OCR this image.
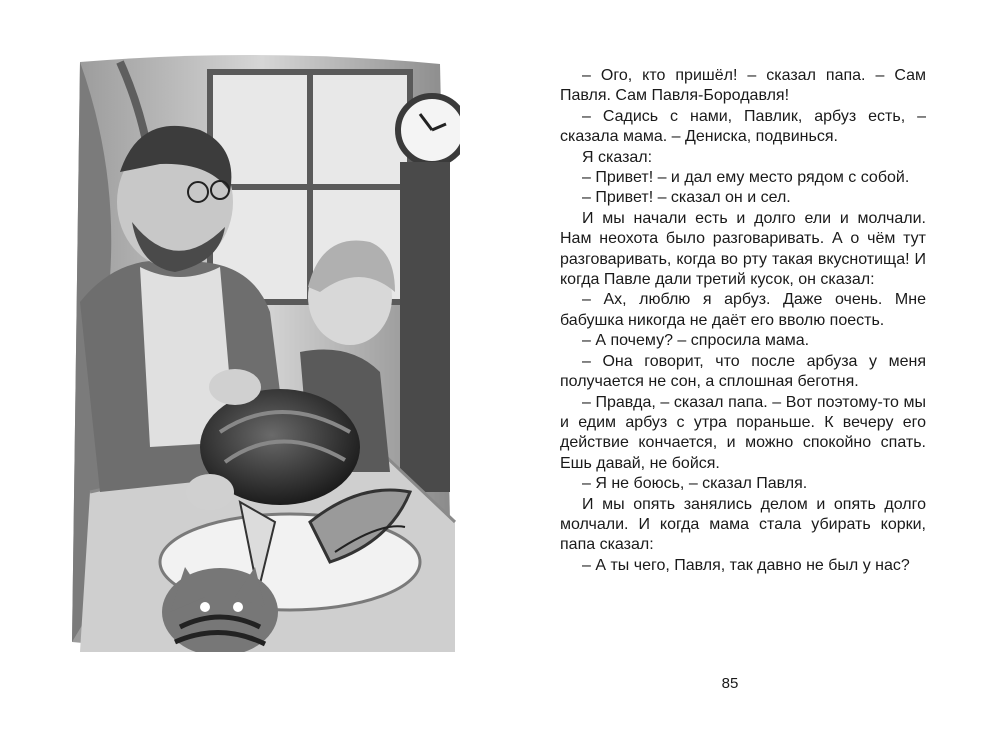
– Ого, кто пришёл! – сказал папа. – Сам Павля. Сам Павля-Бородавля!

– Садись с нами, Павлик, арбуз есть, – сказала мама. – Дениска, подвинься.

Я сказал:

– Привет! – и дал ему место рядом с собой.

– Привет! – сказал он и сел.

И мы начали есть и долго ели и молчали. Нам неохота было разговаривать. А о чём тут разговаривать, когда во рту такая вкуснотища! И когда Павле дали третий кусок, он сказал:

– Ах, люблю я арбуз. Даже очень. Мне бабушка никогда не даёт его вволю поесть.

– А почему? – спросила мама.

– Она говорит, что после арбуза у меня получается не сон, а сплошная беготня.

– Правда, – сказал папа. – Вот поэтому-то мы и едим арбуз с утра пораньше. К вечеру его действие кончается, и можно спокойно спать. Ешь давай, не бойся.

– Я не боюсь, – сказал Павля.

И мы опять занялись делом и опять долго молчали. И когда мама стала убирать корки, папа сказал:

– А ты чего, Павля, так давно не был у нас?

85
